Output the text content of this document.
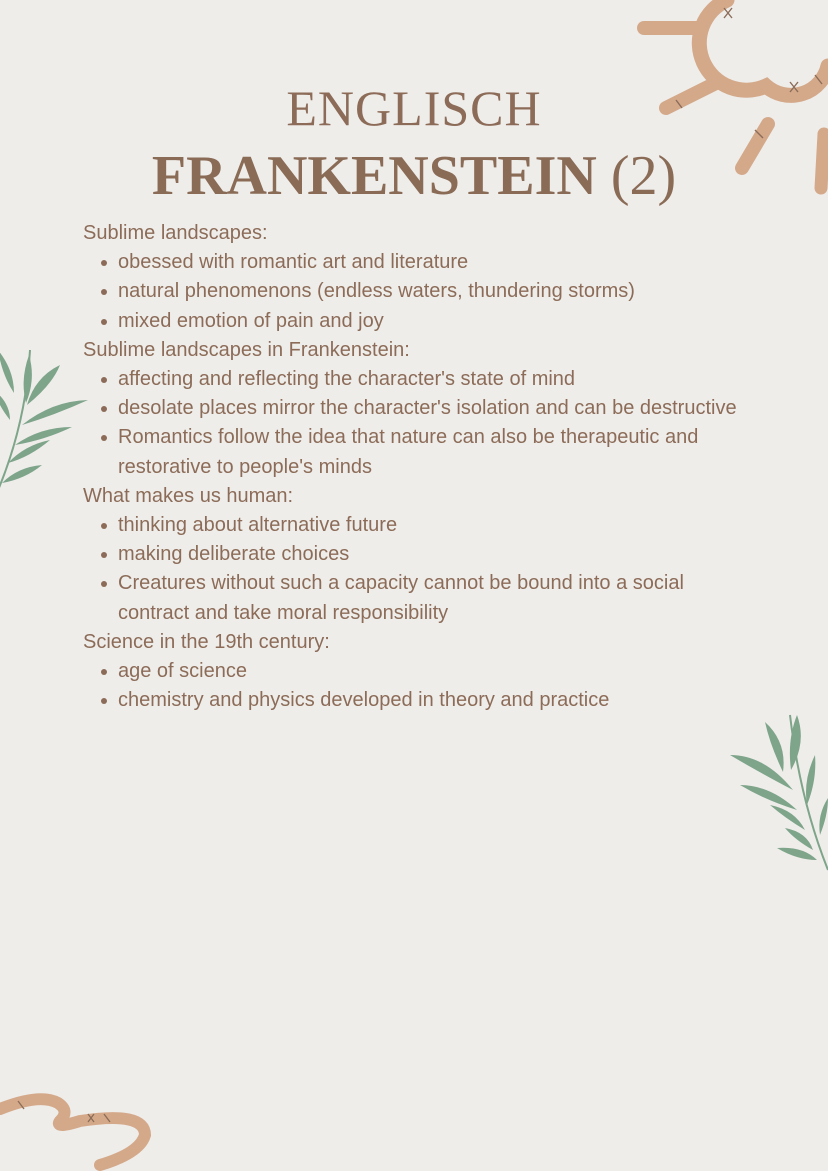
ENGLISCH
FRANKENSTEIN (2)

Sublime landscapes:

obessed with romantic art and literature
natural phenomenons (endless waters, thundering storms)
mixed emotion of pain and joy

Sublime landscapes in Frankenstein:

affecting and reflecting the character's state of mind
desolate places mirror the character's isolation and can be destructive
Romantics follow the idea that nature can also be therapeutic and restorative to people's minds

What makes us human:

thinking about alternative future
making deliberate choices
Creatures without such a capacity cannot be bound into a social contract and take moral responsibility

Science in the 19th century:

age of science
chemistry and physics developed in theory and practice
